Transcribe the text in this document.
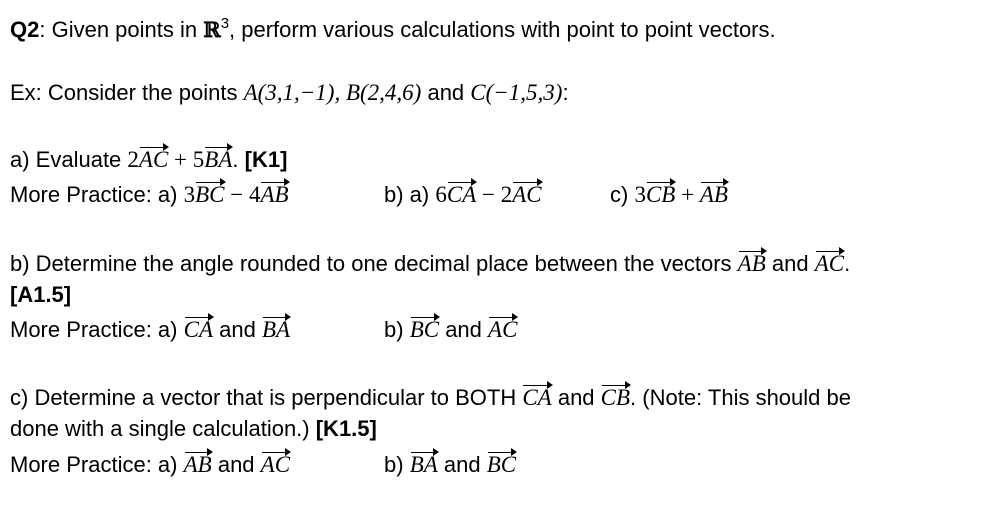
Q2: Given points in ℝ$^3$, perform various calculations with point to point vectors.
Ex: Consider the points A(3,1,−1), B(2,4,6) and C(−1,5,3):
a) Evaluate 2AC + 5BA. [K1]
More Practice: a) 3BC − 4AB	b) a) 6CA − 2AC	c) 3CB + AB
b) Determine the angle rounded to one decimal place between the vectors AB and AC.
[A1.5]
More Practice: a) CA and BA	b) BC and AC
c) Determine a vector that is perpendicular to BOTH CA and CB. (Note: This should be
done with a single calculation.) [K1.5]
More Practice: a) AB and AC	b) BA and BC
